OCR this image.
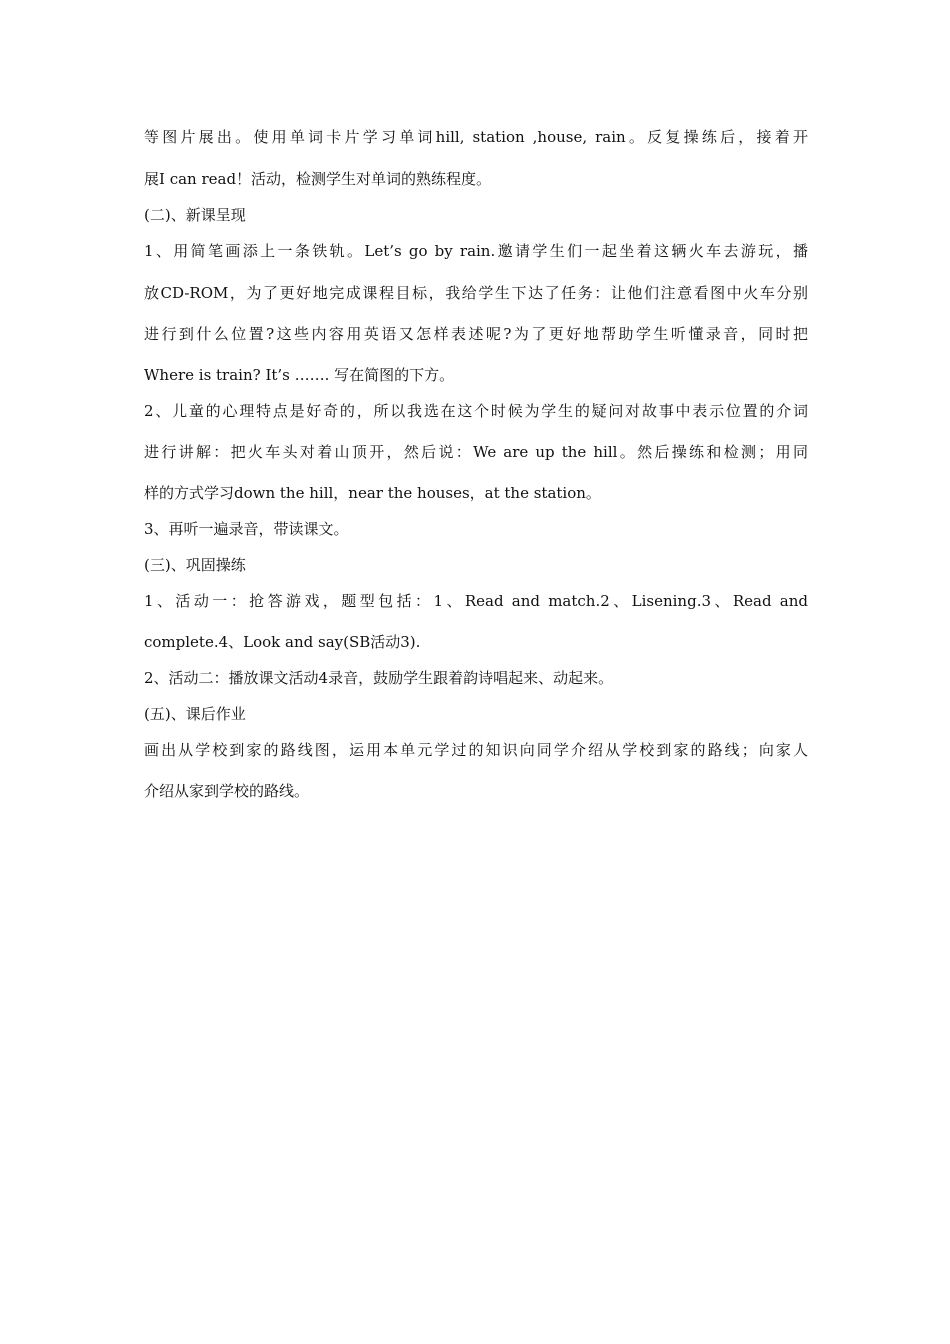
等图片展出。使用单词卡片学习单词hill, station ,house, rain。反复操练后，接着开
展I can read！活动，检测学生对单词的熟练程度。
(二)、新课呈现
1、用简笔画添上一条铁轨。Let’s go by rain.邀请学生们一起坐着这辆火车去游玩，播
放CD-ROM，为了更好地完成课程目标，我给学生下达了任务：让他们注意看图中火车分别
进行到什么位置?这些内容用英语又怎样表述呢?为了更好地帮助学生听懂录音，同时把
Where is train? It’s ……. 写在简图的下方。
2、儿童的心理特点是好奇的，所以我选在这个时候为学生的疑问对故事中表示位置的介词
进行讲解：把火车头对着山顶开，然后说：We are up the hill。然后操练和检测；用同
样的方式学习down the hill，near the houses，at the station。
3、再听一遍录音，带读课文。
(三)、巩固操练
1、活动一：抢答游戏，题型包括：1、Read and match.2、Lisening.3、Read and
complete.4、Look and say(SB活动3).
2、活动二：播放课文活动4录音，鼓励学生跟着韵诗唱起来、动起来。
(五)、课后作业
画出从学校到家的路线图，运用本单元学过的知识向同学介绍从学校到家的路线；向家人
介绍从家到学校的路线。
